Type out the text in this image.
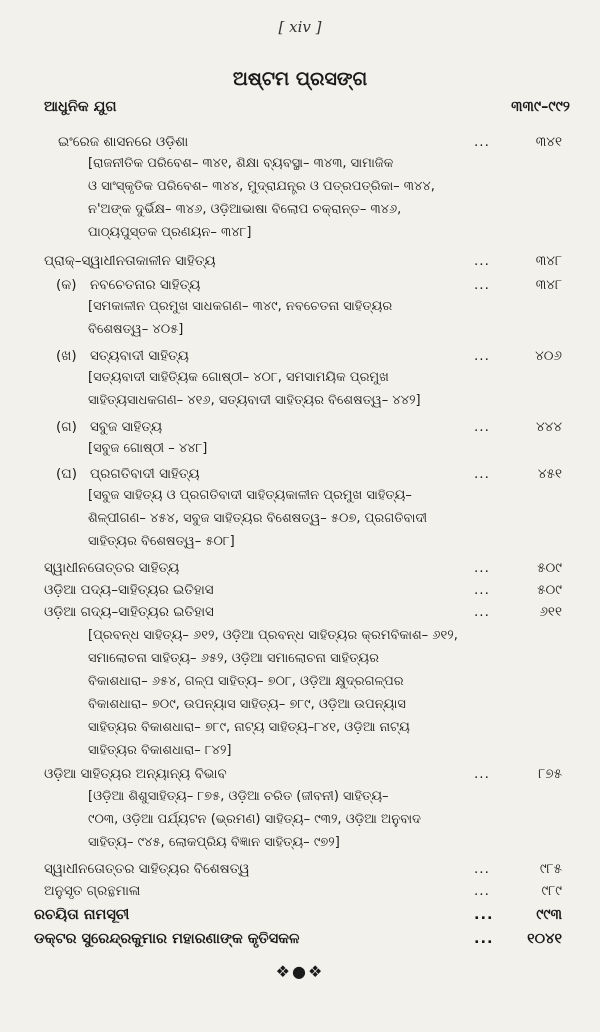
[ xiv ]
ଅଷ୍ଟମ ପ୍ରସଙ୍ଗ
ଆଧୁନିକ ଯୁଗ	୩୩୯–୯୯୨
ଇଂରେଜ ଶାସନରେ ଓଡ଼ିଶା	...	୩୪୧
[ରାଜନୀତିକ ପରିବେଶ– ୩୪୧, ଶିକ୍ଷା ବ୍ୟବସ୍ଥା– ୩୪୩, ସାମାଜିକ
ଓ ସାଂସ୍କୃତିକ ପରିବେଶ– ୩୪୪, ମୁଦ୍ରାଯନ୍ତ୍ର ଓ ପତ୍ରପତ୍ରିକା– ୩୪୪,
ନ'ଅଙ୍କ ଦୁର୍ଭିକ୍ଷ– ୩୪୬, ଓଡ଼ିଆଭାଷା ବିଲୋପ ଚକ୍ରାନ୍ତ– ୩୪୬,
ପାଠ୍ୟପୁସ୍ତକ ପ୍ରଣୟନ– ୩୪୮]
ପ୍ରାକ୍–ସ୍ୱାଧୀନତାକାଳୀନ ସାହିତ୍ୟ	...	୩୪୮
(କ) ନବଚେତନାର ସାହିତ୍ୟ	...	୩୪୮
[ସମକାଳୀନ ପ୍ରମୁଖ ସାଧକଗଣ– ୩୪୯, ନବଚେତନା ସାହିତ୍ୟର
ବିଶେଷତ୍ୱ– ୪୦୫]
(ଖ) ସତ୍ୟବାଦୀ ସାହିତ୍ୟ	...	୪୦୬
[ସତ୍ୟବାଦୀ ସାହିତ୍ୟିକ ଗୋଷ୍ଠୀ– ୪୦୮, ସମସାମୟିକ ପ୍ରମୁଖ
ସାହିତ୍ୟସାଧକଗଣ– ୪୧୬, ସତ୍ୟବାଦୀ ସାହିତ୍ୟର ବିଶେଷତ୍ୱ– ୪୪୨]
(ଗ) ସବୁଜ ସାହିତ୍ୟ	...	୪୪୪
[ସବୁଜ ଗୋଷ୍ଠୀ – ୪୪୮]
(ଘ) ପ୍ରଗତିବାଦୀ ସାହିତ୍ୟ	...	୪୫୧
[ସବୁଜ ସାହିତ୍ୟ ଓ ପ୍ରଗତିବାଦୀ ସାହିତ୍ୟକାଳୀନ ପ୍ରମୁଖ ସାହିତ୍ୟ–
ଶିଳ୍ପୀଗଣ– ୪୫୪, ସବୁଜ ସାହିତ୍ୟର ବିଶେଷତ୍ୱ– ୫୦୭, ପ୍ରଗତିବାଦୀ
ସାହିତ୍ୟର ବିଶେଷତ୍ୱ– ୫୦୮]
ସ୍ୱାଧୀନତୋତ୍ତର ସାହିତ୍ୟ	...	୫୦୯
ଓଡ଼ିଆ ପଦ୍ୟ–ସାହିତ୍ୟର ଇତିହାସ	...	୫୦୯
ଓଡ଼ିଆ ଗଦ୍ୟ–ସାହିତ୍ୟର ଇତିହାସ	...	୬୧୧
[ପ୍ରବନ୍ଧ ସାହିତ୍ୟ– ୬୧୨, ଓଡ଼ିଆ ପ୍ରବନ୍ଧ ସାହିତ୍ୟର କ୍ରମବିକାଶ– ୬୧୨,
ସମାଲୋଚନା ସାହିତ୍ୟ– ୬୫୨, ଓଡ଼ିଆ ସମାଲୋଚନା ସାହିତ୍ୟର
ବିକାଶଧାରା– ୬୫୪, ଗଳ୍ପ ସାହିତ୍ୟ– ୭୦୮, ଓଡ଼ିଆ କ୍ଷୁଦ୍ରଗଳ୍ପର
ବିକାଶଧାରା– ୭୦୯, ଉପନ୍ୟାସ ସାହିତ୍ୟ– ୭୮୯, ଓଡ଼ିଆ ଉପନ୍ୟାସ
ସାହିତ୍ୟର ବିକାଶଧାରା– ୭୮୯, ନାଟ୍ୟ ସାହିତ୍ୟ–୮୪୧, ଓଡ଼ିଆ ନାଟ୍ୟ
ସାହିତ୍ୟର ବିକାଶଧାରା– ୮୪୨]
ଓଡ଼ିଆ ସାହିତ୍ୟର ଅନ୍ୟାନ୍ୟ ବିଭାବ	...	୮୭୫
[ଓଡ଼ିଆ ଶିଶୁସାହିତ୍ୟ– ୮୭୫, ଓଡ଼ିଆ ଚରିତ (ଜୀବନୀ) ସାହିତ୍ୟ–
୯୦୩, ଓଡ଼ିଆ ପର୍ଯ୍ୟଟନ (ଭ୍ରମଣ) ସାହିତ୍ୟ– ୯୩୨, ଓଡ଼ିଆ ଅନୁବାଦ
ସାହିତ୍ୟ– ୯୪୫, ଲୋକପ୍ରିୟ ବିଜ୍ଞାନ ସାହିତ୍ୟ– ୯୭୨]
ସ୍ୱାଧୀନତୋତ୍ତର ସାହିତ୍ୟର ବିଶେଷତ୍ୱ	...	୯୮୫
ଅନୁସୃତ ଗ୍ରନ୍ଥମାଳା	...	୯୮୯
ରଚୟିତା ନାମସୂଚୀ	...	୯୯୩
ଡକ୍ଟର ସୁରେନ୍ଦ୍ରକୁମାର ମହାରଣାଙ୍କ କୃତିସକଳ	... ୧୦୪୧
❖●❖
